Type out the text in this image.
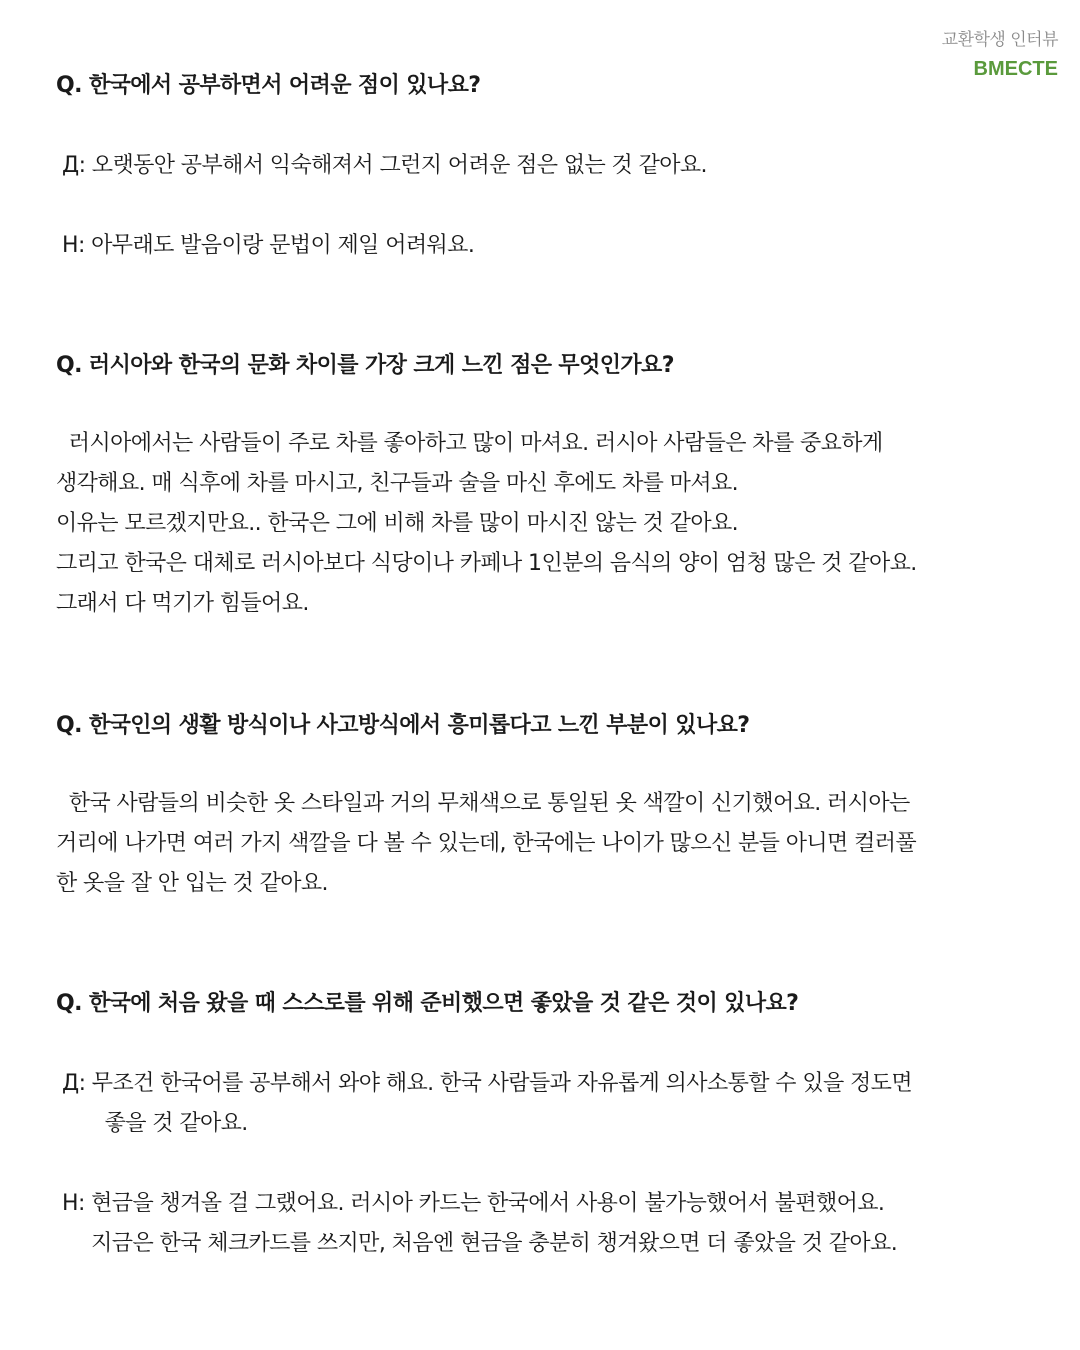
교환학생 인터뷰
BMECTE

Q. 한국에서 공부하면서 어려운 점이 있나요?

Д: 오랫동안 공부해서 익숙해져서 그런지 어려운 점은 없는 것 같아요.

H: 아무래도 발음이랑 문법이 제일 어려워요.

Q. 러시아와 한국의 문화 차이를 가장 크게 느낀 점은 무엇인가요?

러시아에서는 사람들이 주로 차를 좋아하고 많이 마셔요. 러시아 사람들은 차를 중요하게

생각해요. 매 식후에 차를 마시고, 친구들과 술을 마신 후에도 차를 마셔요.

이유는 모르겠지만요.. 한국은 그에 비해 차를 많이 마시진 않는 것 같아요.

그리고 한국은 대체로 러시아보다 식당이나 카페나 1인분의 음식의 양이 엄청 많은 것 같아요.

그래서 다 먹기가 힘들어요.

Q. 한국인의 생활 방식이나 사고방식에서 흥미롭다고 느낀 부분이 있나요?

한국 사람들의 비슷한 옷 스타일과 거의 무채색으로 통일된 옷 색깔이 신기했어요. 러시아는

거리에 나가면 여러 가지 색깔을 다 볼 수 있는데, 한국에는 나이가 많으신 분들 아니면 컬러풀

한 옷을 잘 안 입는 것 같아요.

Q. 한국에 처음 왔을 때 스스로를 위해 준비했으면 좋았을 것 같은 것이 있나요?

Д: 무조건 한국어를 공부해서 와야 해요. 한국 사람들과 자유롭게 의사소통할 수 있을 정도면

좋을 것 같아요.

H: 현금을 챙겨올 걸 그랬어요. 러시아 카드는 한국에서 사용이 불가능했어서 불편했어요.

지금은 한국 체크카드를 쓰지만, 처음엔 현금을 충분히 챙겨왔으면 더 좋았을 것 같아요.
